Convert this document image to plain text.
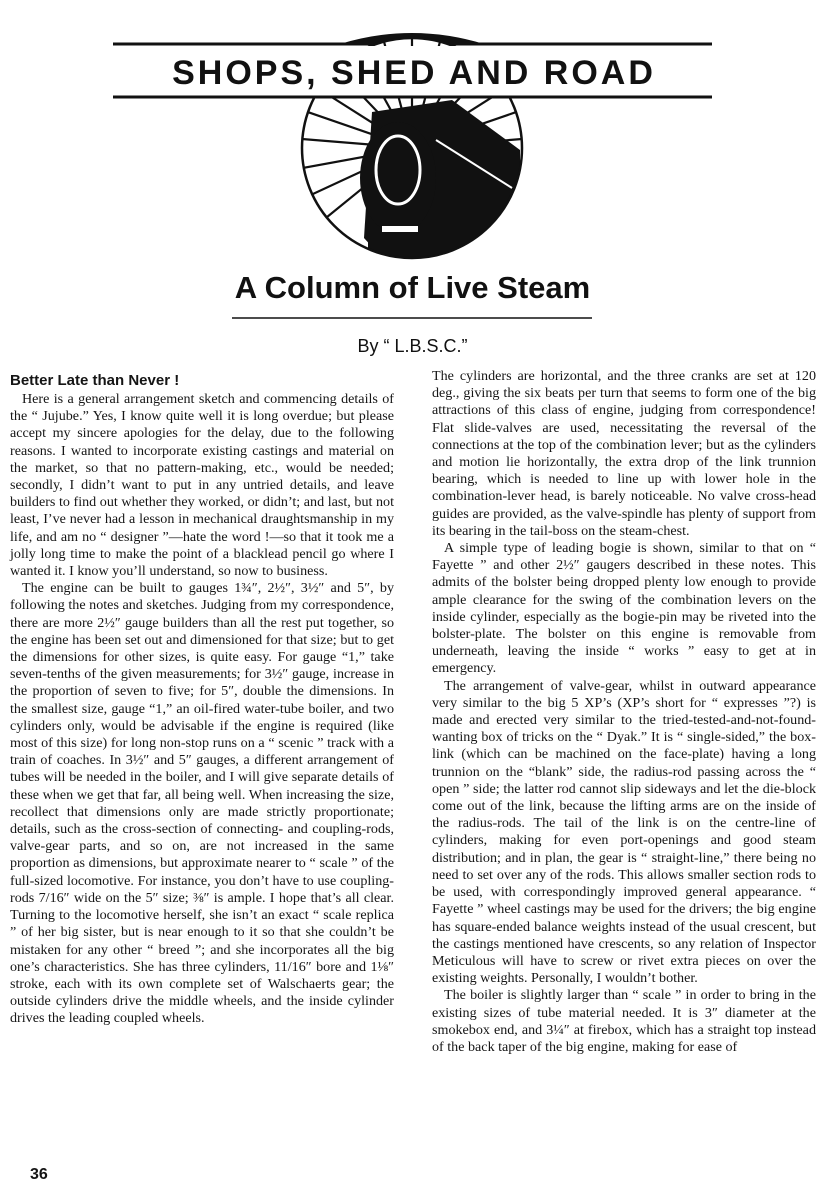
SHOPS, SHED AND ROAD
A Column of Live Steam
By “ L.B.S.C.”
Better Late than Never !

Here is a general arrangement sketch and commencing details of the “ Jujube.” Yes, I know quite well it is long overdue; but please accept my sincere apologies for the delay, due to the following reasons. I wanted to incorporate existing castings and material on the market, so that no pattern-making, etc., would be needed; secondly, I didn’t want to put in any untried details, and leave builders to find out whether they worked, or didn’t; and last, but not least, I’ve never had a lesson in mechanical draughtsmanship in my life, and am no “ designer ”—hate the word !—so that it took me a jolly long time to make the point of a blacklead pencil go where I wanted it. I know you’ll understand, so now to business.

The engine can be built to gauges 1¾″, 2½″, 3½″ and 5″, by following the notes and sketches. Judging from my correspondence, there are more 2½″ gauge builders than all the rest put together, so the engine has been set out and dimensioned for that size; but to get the dimensions for other sizes, is quite easy. For gauge “1,” take seven-tenths of the given measurements; for 3½″ gauge, increase in the proportion of seven to five; for 5″, double the dimensions. In the smallest size, gauge “1,” an oil-fired water-tube boiler, and two cylinders only, would be advisable if the engine is required (like most of this size) for long non-stop runs on a “ scenic ” track with a train of coaches. In 3½″ and 5″ gauges, a different arrangement of tubes will be needed in the boiler, and I will give separate details of these when we get that far, all being well. When increasing the size, recollect that dimensions only are made strictly proportionate; details, such as the cross-section of connecting- and coupling-rods, valve-gear parts, and so on, are not increased in the same proportion as dimensions, but approximate nearer to “ scale ” of the full-sized locomotive. For instance, you don’t have to use coupling-rods 7/16″ wide on the 5″ size; ⅜″ is ample. I hope that’s all clear. Turning to the locomotive herself, she isn’t an exact “ scale replica ” of her big sister, but is near enough to it so that she couldn’t be mistaken for any other “ breed ”; and she incorporates all the big one’s characteristics. She has three cylinders, 11/16″ bore and 1⅛″ stroke, each with its own complete set of Walschaerts gear; the outside cylinders drive the middle wheels, and the inside cylinder drives the leading coupled wheels.

The cylinders are horizontal, and the three cranks are set at 120 deg., giving the six beats per turn that seems to form one of the big attractions of this class of engine, judging from correspondence! Flat slide-valves are used, necessitating the reversal of the connections at the top of the combination lever; but as the cylinders and motion lie horizontally, the extra drop of the link trunnion bearing, which is needed to line up with lower hole in the combination-lever head, is barely noticeable. No valve cross-head guides are provided, as the valve-spindle has plenty of support from its bearing in the tail-boss on the steam-chest.

A simple type of leading bogie is shown, similar to that on “ Fayette ” and other 2½″ gaugers described in these notes. This admits of the bolster being dropped plenty low enough to provide ample clearance for the swing of the combination levers on the inside cylinder, especially as the bogie-pin may be riveted into the bolster-plate. The bolster on this engine is removable from underneath, leaving the inside “ works ” easy to get at in emergency.

The arrangement of valve-gear, whilst in outward appearance very similar to the big 5 XP’s (XP’s short for “ expresses ”?) is made and erected very similar to the tried-tested-and-not-found-wanting box of tricks on the “ Dyak.” It is “ single-sided,” the box-link (which can be machined on the face-plate) having a long trunnion on the “blank” side, the radius-rod passing across the “ open ” side; the latter rod cannot slip sideways and let the die-block come out of the link, because the lifting arms are on the inside of the radius-rods. The tail of the link is on the centre-line of cylinders, making for even port-openings and good steam distribution; and in plan, the gear is “ straight-line,” there being no need to set over any of the rods. This allows smaller section rods to be used, with correspondingly improved general appearance. “ Fayette ” wheel castings may be used for the drivers; the big engine has square-ended balance weights instead of the usual crescent, but the castings mentioned have crescents, so any relation of Inspector Meticulous will have to screw or rivet extra pieces on over the existing weights. Personally, I wouldn’t bother.

The boiler is slightly larger than “ scale ” in order to bring in the existing sizes of tube material needed. It is 3″ diameter at the smokebox end, and 3¼″ at firebox, which has a straight top instead of the back taper of the big engine, making for ease of

36
